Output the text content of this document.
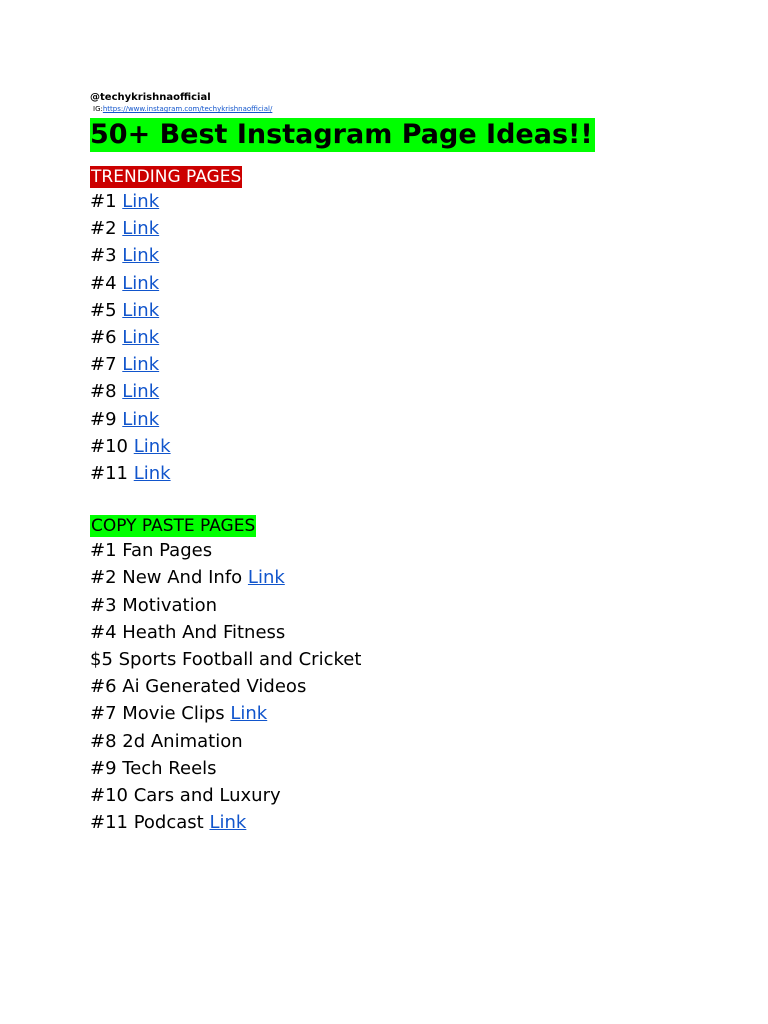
@techykrishnaofficial

IG:https://www.instagram.com/techykrishnaofficial/

50+ Best Instagram Page Ideas!!
TRENDING PAGES
#1 Link
#2 Link
#3 Link
#4 Link
#5 Link
#6 Link
#7 Link
#8 Link
#9 Link
#10 Link
#11 Link
COPY PASTE PAGES
#1 Fan Pages
#2 New And Info Link
#3 Motivation
#4 Heath And Fitness
$5 Sports Football and Cricket
#6 Ai Generated Videos
#7 Movie Clips Link
#8 2d Animation
#9 Tech Reels
#10 Cars and Luxury
#11 Podcast Link
